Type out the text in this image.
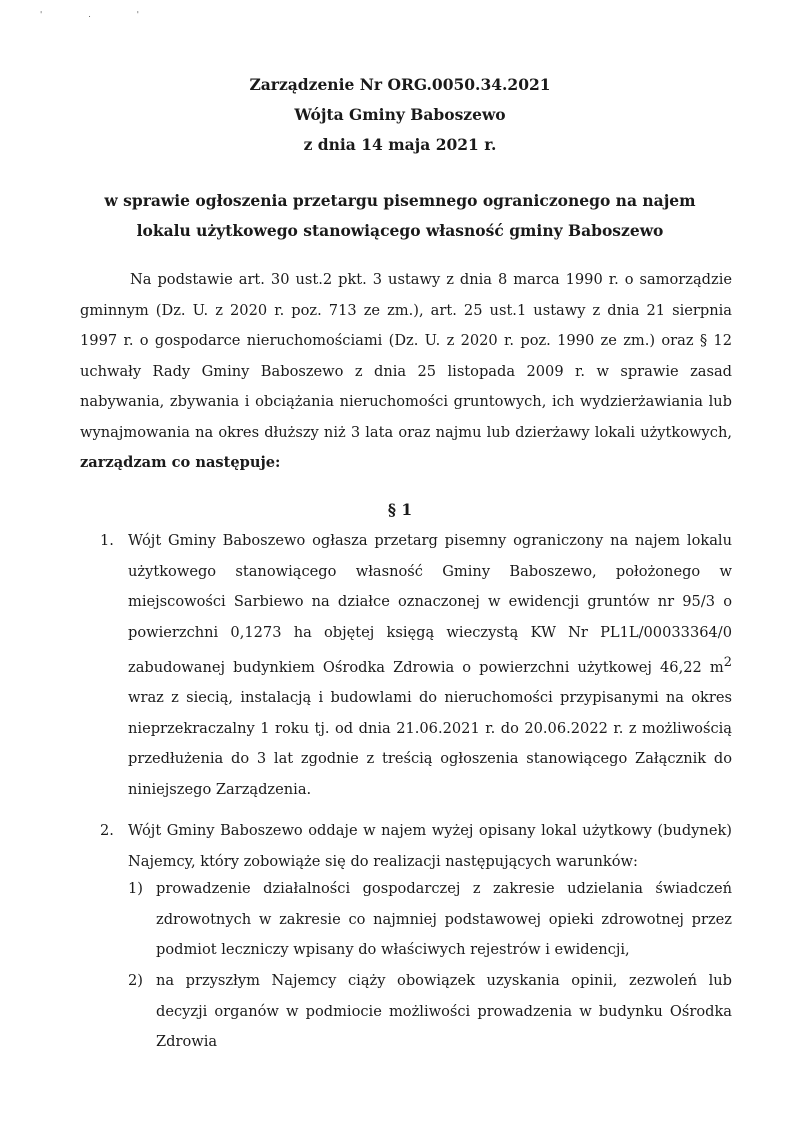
'	.	'
Zarządzenie Nr ORG.0050.34.2021
Wójta Gminy Baboszewo
z dnia 14 maja 2021 r.
w sprawie ogłoszenia przetargu pisemnego ograniczonego na najem
lokalu użytkowego stanowiącego własność gminy Baboszewo
Na podstawie art. 30 ust.2 pkt. 3 ustawy z dnia 8 marca 1990 r. o samorządzie gminnym (Dz. U. z 2020 r. poz. 713 ze zm.), art. 25 ust.1 ustawy z dnia 21 sierpnia 1997 r. o gospodarce nieruchomościami (Dz. U. z 2020 r. poz. 1990 ze zm.) oraz § 12 uchwały Rady Gminy Baboszewo z dnia 25 listopada 2009 r. w sprawie zasad nabywania, zbywania i obciążania nieruchomości gruntowych, ich wydzierżawiania lub wynajmowania na okres dłuższy niż 3 lata oraz najmu lub dzierżawy lokali użytkowych, zarządzam co następuje:
§ 1
1. Wójt Gminy Baboszewo ogłasza przetarg pisemny ograniczony na najem lokalu użytkowego stanowiącego własność Gminy Baboszewo, położonego w miejscowości Sarbiewo na działce oznaczonej w ewidencji gruntów nr 95/3 o powierzchni 0,1273 ha objętej księgą wieczystą KW Nr PL1L/00033364/0 zabudowanej budynkiem Ośrodka Zdrowia o powierzchni użytkowej 46,22 $m^2$ wraz z siecią, instalacją i budowlami do nieruchomości przypisanymi na okres nieprzekraczalny 1 roku tj. od dnia 21.06.2021 r. do 20.06.2022 r. z możliwością przedłużenia do 3 lat zgodnie z treścią ogłoszenia stanowiącego Załącznik do niniejszego Zarządzenia.
2. Wójt Gminy Baboszewo oddaje w najem wyżej opisany lokal użytkowy (budynek) Najemcy, który zobowiąże się do realizacji następujących warunków:
1) prowadzenie działalności gospodarczej z zakresie udzielania świadczeń zdrowotnych w zakresie co najmniej podstawowej opieki zdrowotnej przez podmiot leczniczy wpisany do właściwych rejestrów i ewidencji,
2) na przyszłym Najemcy ciąży obowiązek uzyskania opinii, zezwoleń lub decyzji organów w podmiocie możliwości prowadzenia w budynku Ośrodka Zdrowia
